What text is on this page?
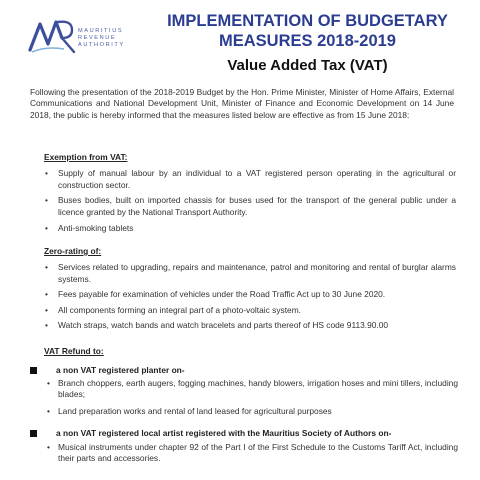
MAURITIUS
REVENUE
AUTHORITY
IMPLEMENTATION OF BUDGETARY
MEASURES 2018-2019
Value Added Tax (VAT)
Following the presentation of the 2018-2019 Budget by the Hon. Prime Minister, Minister of Home Affairs, External Communications and National Development Unit, Minister of Finance and Economic Development on 14 June 2018, the public is hereby informed that the measures listed below are effective as from 15 June 2018:
Exemption from VAT:
• Supply of manual labour by an individual to a VAT registered person operating in the agricultural or construction sector.
• Buses bodies, built on imported chassis for buses used for the transport of the general public under a licence granted by the National Transport Authority.
• Anti-smoking tablets
Zero-rating of:
• Services related to upgrading, repairs and maintenance, patrol and monitoring and rental of burglar alarms systems.
• Fees payable for examination of vehicles under the Road Traffic Act up to 30 June 2020.
• All components forming an integral part of a photo-voltaic system.
• Watch straps, watch bands and watch bracelets and parts thereof of HS code 9113.90.00
VAT Refund to:
a non VAT registered planter on-
• Branch choppers, earth augers, fogging machines, handy blowers, irrigation hoses and mini tillers, including blades;
• Land preparation works and rental of land leased for agricultural purposes
a non VAT registered local artist registered with the Mauritius Society of Authors on-
• Musical instruments under chapter 92 of the Part I of the First Schedule to the Customs Tariff Act, including their parts and accessories.
